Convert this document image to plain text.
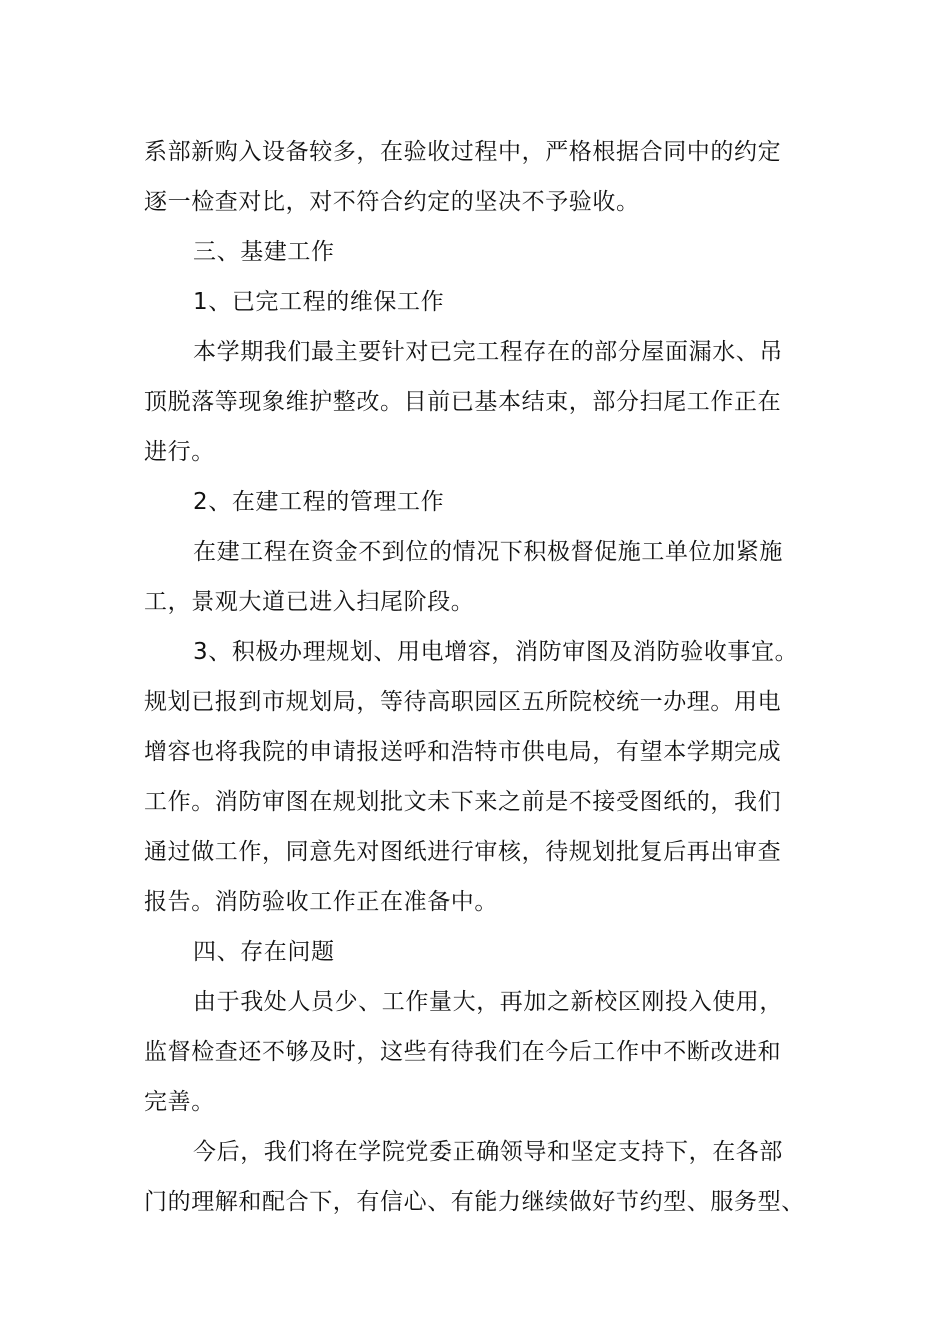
系部新购入设备较多，在验收过程中，严格根据合同中的约定
逐一检查对比，对不符合约定的坚决不予验收。
三、基建工作
1、已完工程的维保工作
本学期我们最主要针对已完工程存在的部分屋面漏水、吊
顶脱落等现象维护整改。目前已基本结束，部分扫尾工作正在
进行。
2、在建工程的管理工作
在建工程在资金不到位的情况下积极督促施工单位加紧施
工，景观大道已进入扫尾阶段。
3、积极办理规划、用电增容，消防审图及消防验收事宜。
规划已报到市规划局，等待高职园区五所院校统一办理。用电
增容也将我院的申请报送呼和浩特市供电局，有望本学期完成
工作。消防审图在规划批文未下来之前是不接受图纸的，我们
通过做工作，同意先对图纸进行审核，待规划批复后再出审查
报告。消防验收工作正在准备中。
四、存在问题
由于我处人员少、工作量大，再加之新校区刚投入使用，
监督检查还不够及时，这些有待我们在今后工作中不断改进和
完善。
今后，我们将在学院党委正确领导和坚定支持下，在各部
门的理解和配合下，有信心、有能力继续做好节约型、服务型、
